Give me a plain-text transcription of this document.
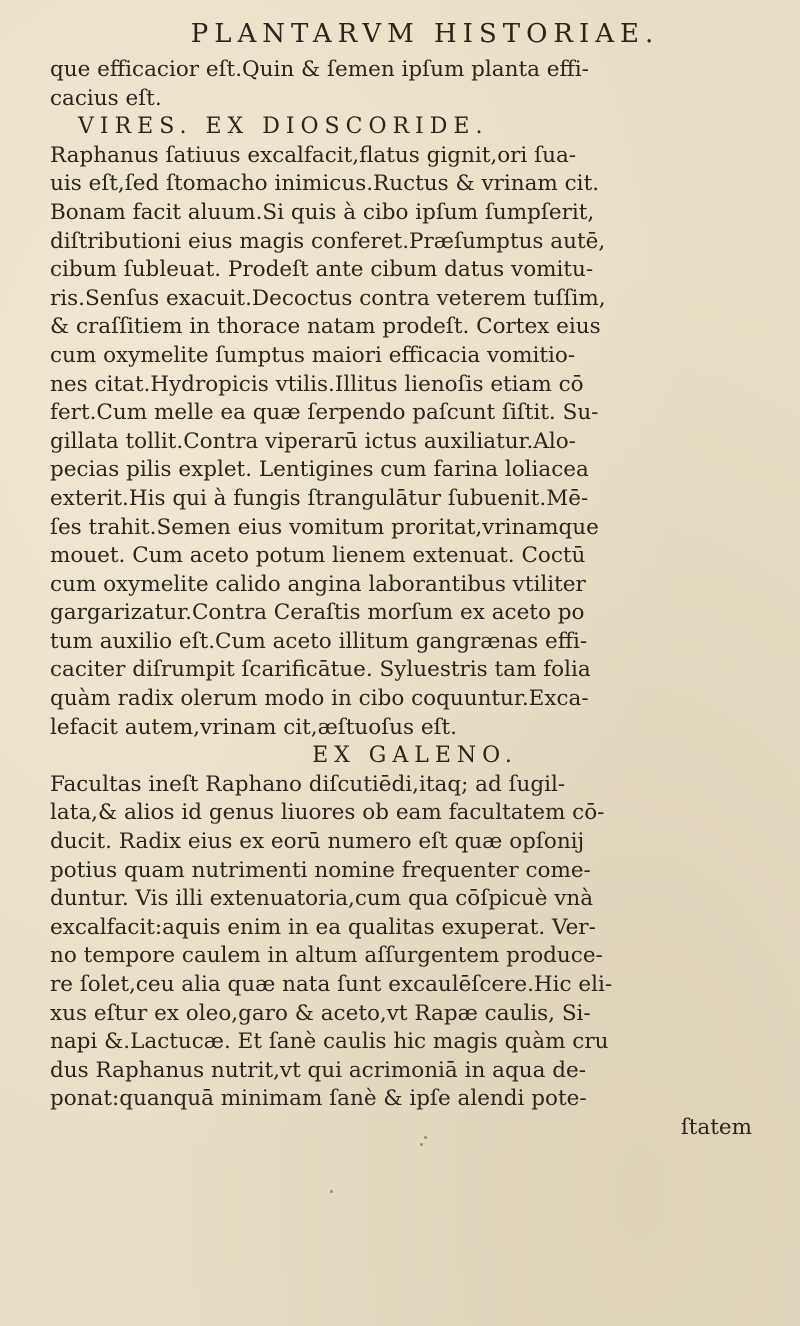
PLANTARVM HISTORIAE.
que efficacior eſt.Quin & ſemen ipſum planta effi-
cacius eſt.
VIRES. EX DIOSCORIDE.
Raphanus ſatiuus excalfacit,flatus gignit,ori ſua-
uis eſt,ſed ſtomacho inimicus.Ructus & vrinam cit.
Bonam facit aluum.Si quis à cibo ipſum ſumpſerit,
diſtributioni eius magis conferet.Præſumptus autē,
cibum ſubleuat. Prodeſt ante cibum datus vomitu-
ris.Senſus exacuit.Decoctus contra veterem tuſſim,
& craſſitiem in thorace natam prodeſt. Cortex eius
cum oxymelite ſumptus maiori efficacia vomitio-
nes citat.Hydropicis vtilis.Illitus lienoſis etiam cō
fert.Cum melle ea quæ ſerpendo paſcunt ſiſtit. Su-
gillata tollit.Contra viperarū ictus auxiliatur.Alo-
pecias pilis explet. Lentigines cum farina loliacea
exterit.His qui à fungis ſtrangulātur ſubuenit.Mē-
ſes trahit.Semen eius vomitum proritat,vrinamque
mouet. Cum aceto potum lienem extenuat. Coctū
cum oxymelite calido angina laborantibus vtiliter
gargarizatur.Contra Ceraſtis morſum ex aceto po
tum auxilio eſt.Cum aceto illitum gangrænas effi-
caciter diſrumpit ſcarificātue. Syluestris tam folia
quàm radix olerum modo in cibo coquuntur.Exca-
lefacit autem,vrinam cit,æſtuoſus eſt.
EX GALENO.
Facultas ineſt Raphano diſcutiēdi,itaq; ad ſugil-
lata,& alios id genus liuores ob eam facultatem cō-
ducit. Radix eius ex eorū numero eſt quæ opſonij
potius quam nutrimenti nomine frequenter come-
duntur. Vis illi extenuatoria,cum qua cōſpicuè vnà
excalfacit:aquis enim in ea qualitas exuperat. Ver-
no tempore caulem in altum aſſurgentem produce-
re ſolet,ceu alia quæ nata ſunt excaulēſcere.Hic eli-
xus eſtur ex oleo,garo & aceto,vt Rapæ caulis, Si-
napi &.Lactucæ. Et ſanè caulis hic magis quàm cru
dus Raphanus nutrit,vt qui acrimoniā in aqua de-
ponat:quanquā minimam ſanè & ipſe alendi pote-
ſtatem
